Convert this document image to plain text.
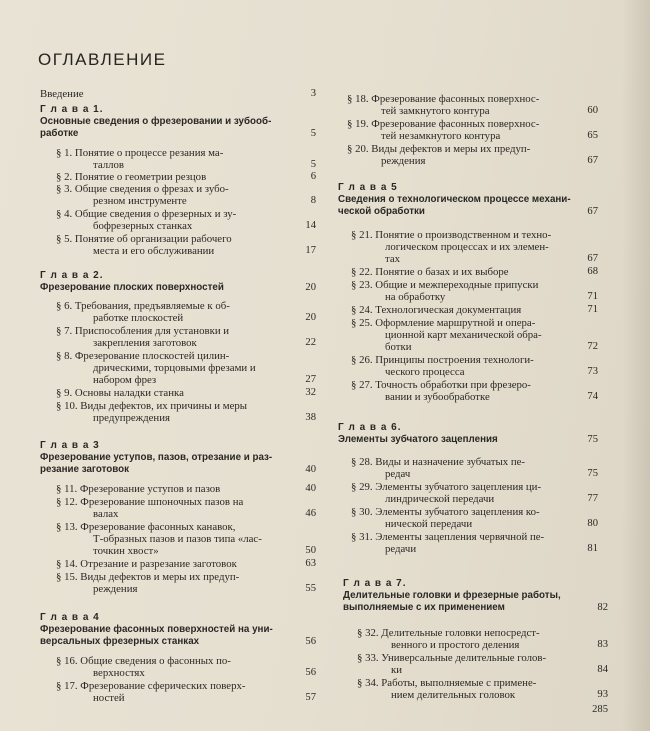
ОГЛАВЛЕНИЕ
Введение	3
Г л а в а 1.
Основные сведения о фрезеровании и зубооб-
работке	5
§ 1. Понятие о процессе резания ма-
таллов	5
§ 2. Понятие о геометрии резцов	6
§ 3. Общие сведения о фрезах и зубо-
резном инструменте	8
§ 4. Общие сведения о фрезерных и зу-
бофрезерных станках	14
§ 5. Понятие об организации рабочего
места и его обслуживании	17
Г л а в а 2.
Фрезерование плоских поверхностей	20
§ 6. Требования, предъявляемые к об-
работке плоскостей	20
§ 7. Приспособления для установки и
закрепления заготовок	22
§ 8. Фрезерование плоскостей цилин-
дрическими, торцовыми фрезами и
набором фрез	27
§ 9. Основы наладки станка	32
§ 10. Виды дефектов, их причины и меры
предупреждения	38
Г л а в а 3
Фрезерование уступов, пазов, отрезание и раз-
резание заготовок	40
§ 11. Фрезерование уступов и пазов	40
§ 12. Фрезерование шпоночных пазов на
валах	46
§ 13. Фрезерование фасонных канавок,
Т-образных пазов и пазов типа «лас-
точкин хвост»	50
§ 14. Отрезание и разрезание заготовок	63
§ 15. Виды дефектов и меры их предуп-
реждения	55
Г л а в а 4
Фрезерование фасонных поверхностей на уни-
версальных фрезерных станках	56
§ 16. Общие сведения о фасонных по-
верхностях	56
§ 17. Фрезерование сферических поверх-
ностей	57
§ 18. Фрезерование фасонных поверхнос-
тей замкнутого контура	60
§ 19. Фрезерование фасонных поверхнос-
тей незамкнутого контура	65
§ 20. Виды дефектов и меры их предуп-
реждения	67
Г л а в а 5
Сведения о технологическом процессе механи-
ческой обработки	67
§ 21. Понятие о производственном и техно-
логическом процессах и их элемен-
тах	67
§ 22. Понятие о базах и их выборе	68
§ 23. Общие и межпереходные припуски
на обработку	71
§ 24. Технологическая документация	71
§ 25. Оформление маршрутной и опера-
ционной карт механической обра-
ботки	72
§ 26. Принципы построения технологи-
ческого процесса	73
§ 27. Точность обработки при фрезеро-
вании и зубообработке	74
Г л а в а 6.
Элементы зубчатого зацепления	75
§ 28. Виды и назначение зубчатых пе-
редач	75
§ 29. Элементы зубчатого зацепления ци-
линдрической передачи	77
§ 30. Элементы зубчатого зацепления ко-
нической передачи	80
§ 31. Элементы зацепления червячной пе-
редачи	81
Г л а в а 7.
Делительные головки и фрезерные работы,
выполняемые с их применением	82
§ 32. Делительные головки непосредст-
венного и простого деления	83
§ 33. Универсальные делительные голов-
ки	84
§ 34. Работы, выполняемые с примене-
нием делительных головок	93
285
